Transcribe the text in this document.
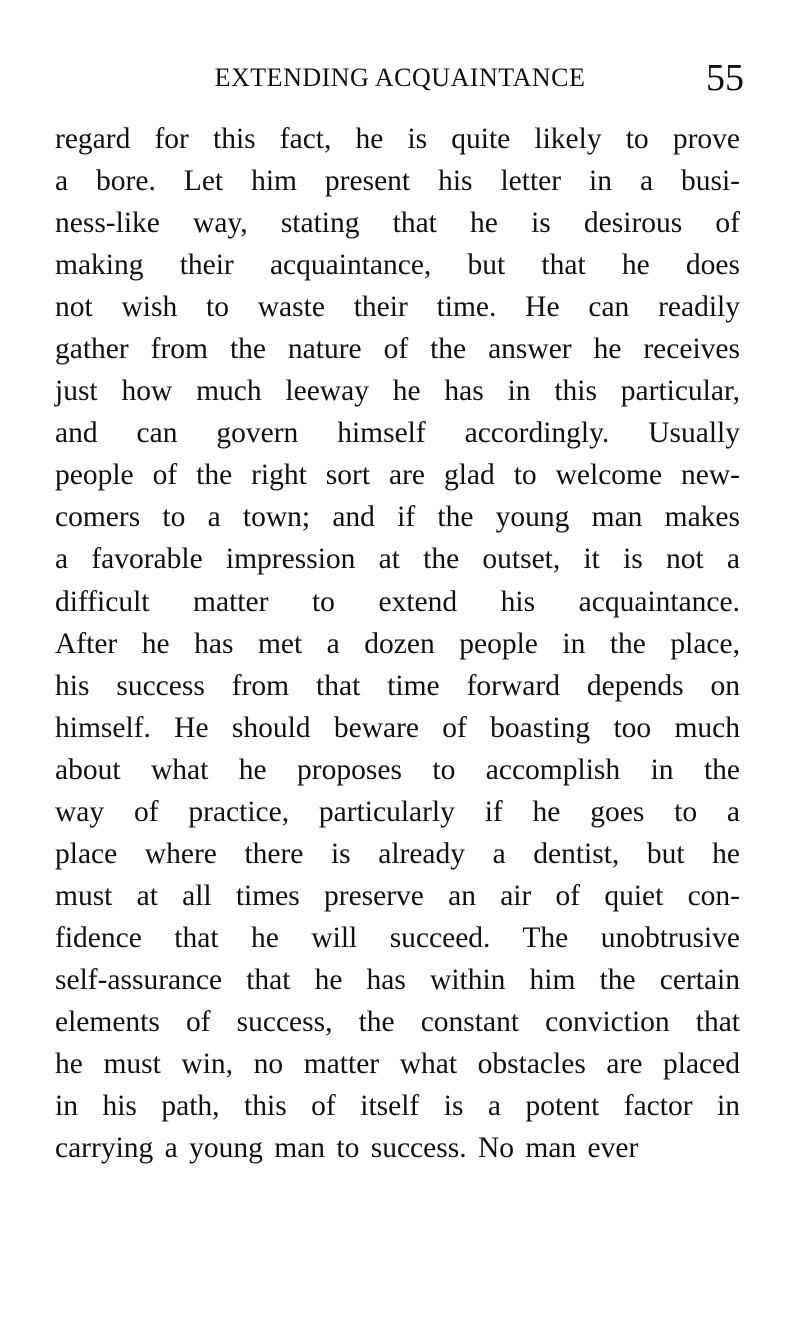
EXTENDING ACQUAINTANCE	55
regard for this fact, he is quite likely to prove
a bore. Let him present his letter in a busi-
ness-like way, stating that he is desirous of
making their acquaintance, but that he does
not wish to waste their time. He can readily
gather from the nature of the answer he receives
just how much leeway he has in this particular,
and can govern himself accordingly. Usually
people of the right sort are glad to welcome new-
comers to a town; and if the young man makes
a favorable impression at the outset, it is not a
difficult matter to extend his acquaintance.
After he has met a dozen people in the place,
his success from that time forward depends on
himself. He should beware of boasting too much
about what he proposes to accomplish in the
way of practice, particularly if he goes to a
place where there is already a dentist, but he
must at all times preserve an air of quiet con-
fidence that he will succeed. The unobtrusive
self-assurance that he has within him the certain
elements of success, the constant conviction that
he must win, no matter what obstacles are placed
in his path, this of itself is a potent factor in
carrying a young man to success. No man ever
